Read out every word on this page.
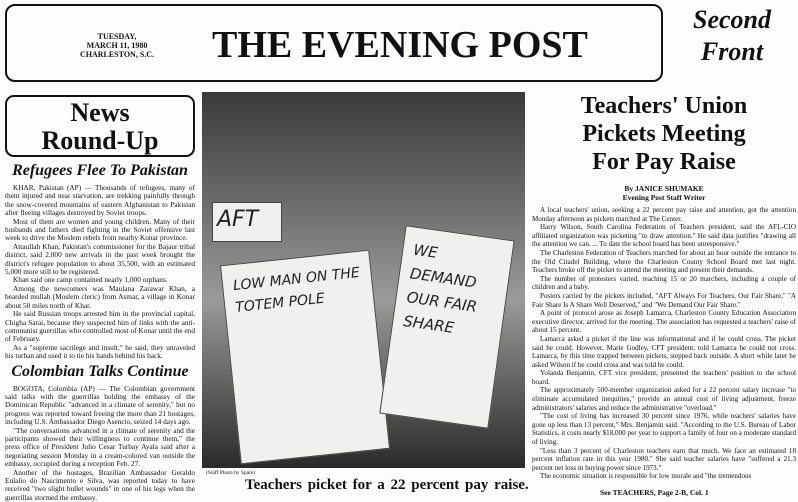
TUESDAY,
MARCH 11, 1980
CHARLESTON, S.C.	THE EVENING POST
Second
Front
News
Round-Up
Refugees Flee To Pakistan

KHAR, Pakistan (AP) — Thousands of refugees, many of them injured and near starvation, are trekking painfully through the snow-covered mountains of eastern Afghanistan to Pakistan after fleeing villages destroyed by Soviet troops.

Most of them are women and young children. Many of their husbands and fathers died fighting in the Soviet offensive last week to drive the Moslem rebels from nearby Konar province.

Attaullah Khan, Pakistan's commissioner for the Bajaur tribal district, said 2,000 new arrivals in the past week brought the district's refugee population to about 35,500, with an estimated 5,000 more still to be registered.

Khan said one camp contained nearly 1,000 orphans.

Among the newcomers was Maulana Zarawar Khan, a bearded mullah (Moslem cleric) from Asmar, a village in Konar about 50 miles north of Khar.

He said Russian troops arrested him in the provincial capital, Chigha Sarai, because they suspected him of links with the anti-communist guerrillas who controlled most of Konar until the end of February.

As a "supreme sacrilege and insult," he said, they unraveled his turban and used it to tie his hands behind his back.

Colombian Talks Continue

BOGOTA, Colombia (AP) — The Colombian government said talks with the guerrillas holding the embassy of the Dominican Republic "advanced in a climate of serenity," but no progress was reported toward freeing the more than 21 hostages, including U.S. Ambassador Diego Asencio, seized 14 days ago.

"The conversations advanced in a climate of serenity and the participants showed their willingness to continue them," the press office of President Julio Cesar Turbay Ayala said after a negotiating session Monday in a cream-colored van outside the embassy, occupied during a reception Feb. 27.

Another of the hostages, Brazilian Ambassador Geraldo Eulalio do Nascimento e Silva, was reported today to have received "two slight bullet wounds" in one of his legs when the guerrillas stormed the embassy.

AFT
LOW MAN ON THE TOTEM POLE
WE DEMAND OUR FAIR SHARE
(Staff Photo by Spain)
Teachers picket for a 22 percent pay raise.
Teachers' Union
Pickets Meeting
For Pay Raise
By JANICE SHUMAKE
Evening Post Staff Writer

A local teachers' union, seeking a 22 percent pay raise and attention, got the attention Monday afternoon as pickets marched at The Center.

Harry Wilson, South Carolina Federation of Teachers president, said the AFL-CIO affiliated organization was picketing "to draw attention." He said data justifies "drawing all the attention we can. ... To date the school board has been unresponsive."

The Charleston Federation of Teachers marched for about an hour outside the entrance to the Old Citadel Building, where the Charleston County School Board met last night. Teachers broke off the picket to attend the meeting and present their demands.

The number of protesters varied, reaching 15 or 20 marchers, including a couple of children and a baby.

Posters carried by the pickets included, "AFT Always For Teachers, Our Fair Share," "A Fair Share Is A Share Well Deserved," and "We Demand Our Fair Share."

A point of protocol arose as Joseph Lamarca, Charleston County Education Association executive director, arrived for the meeting. The association has requested a teachers' raise of about 15 percent.

Lamarca asked a picket if the line was informational and if he could cross. The picket said he could. However, Marie Godley, CFT president, told Lamarca he could not cross. Lamarca, by this time trapped between pickets, stepped back outside. A short while later he asked Wilson if he could cross and was told he could.

Yolanda Benjamin, CFT vice president, presented the teachers' position to the school board.

The approximately 500-member organization asked for a 22 percent salary increase "to eliminate accumulated inequities," provide an annual cost of living adjustment, freeze administrators' salaries and reduce the administrative "overload."

"The cost of living has increased 30 percent since 1976, while teachers' salaries have gone up less than 13 percent," Mrs. Benjamin said. "According to the U.S. Bureau of Labor Statistics, it costs nearly $18,000 per year to support a family of four on a moderate standard of living.

"Less than 3 percent of Charleston teachers earn that much. We face an estimated 18 percent inflation rate in this year 1980." She said teacher salaries have "suffered a 21.3 percent net loss in buying power since 1973."

The economic situation is responsible for low morale and "the tremendous

See TEACHERS, Page 2-B, Col. 1
